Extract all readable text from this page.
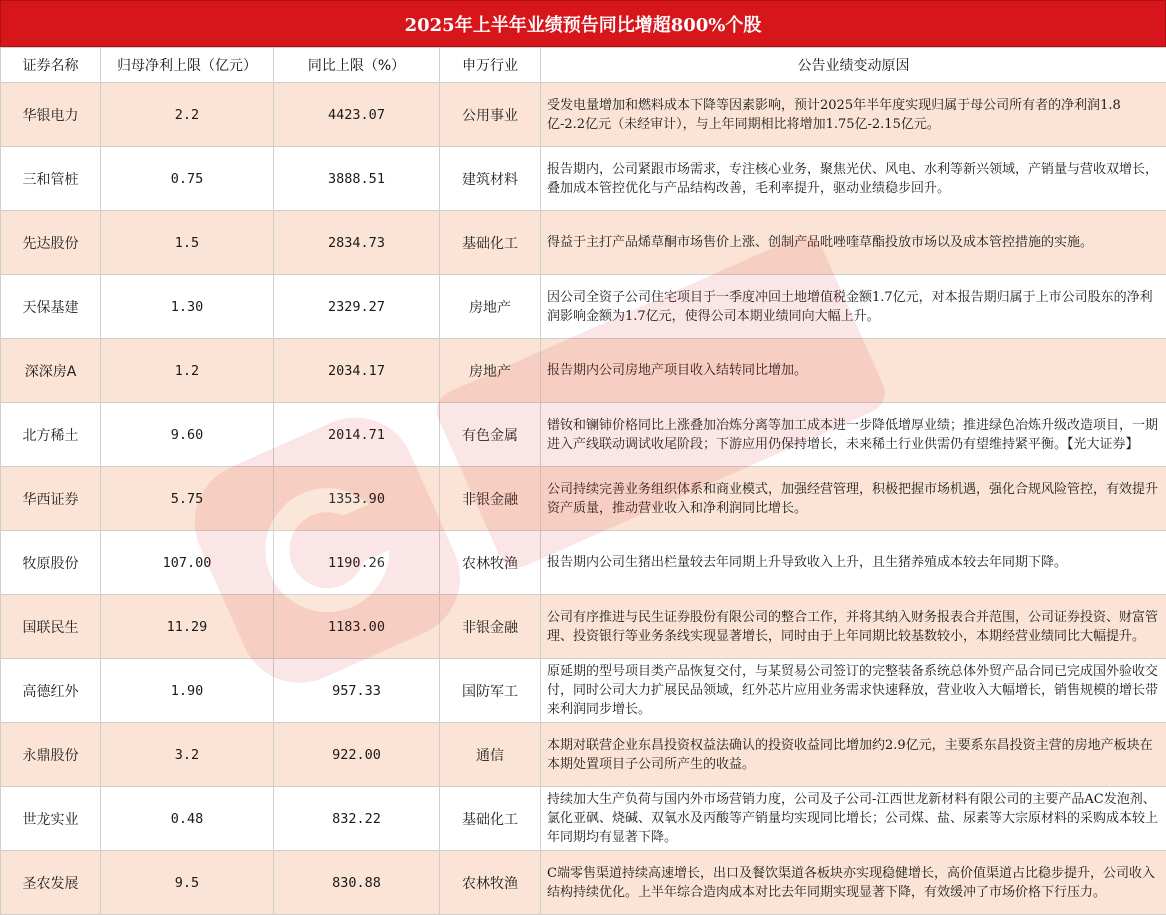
2025年上半年业绩预告同比增超800%个股
证券名称	归母净利上限（亿元）	同比上限（%）	申万行业	公告业绩变动原因
华银电力	2.2	4423.07	公用事业	受发电量增加和燃料成本下降等因素影响，预计2025年半年度实现归属于母公司所有者的净利润1.8亿-2.2亿元（未经审计），与上年同期相比将增加1.75亿-2.15亿元。
三和管桩	0.75	3888.51	建筑材料	报告期内，公司紧跟市场需求，专注核心业务，聚焦光伏、风电、水利等新兴领域，产销量与营收双增长，叠加成本管控优化与产品结构改善，毛利率提升，驱动业绩稳步回升。
先达股份	1.5	2834.73	基础化工	得益于主打产品烯草酮市场售价上涨、创制产品吡唑喹草酯投放市场以及成本管控措施的实施。
天保基建	1.30	2329.27	房地产	因公司全资子公司住宅项目于一季度冲回土地增值税金额1.7亿元，对本报告期归属于上市公司股东的净利润影响金额为1.7亿元，使得公司本期业绩同向大幅上升。
深深房A	1.2	2034.17	房地产	报告期内公司房地产项目收入结转同比增加。
北方稀土	9.60	2014.71	有色金属	镨钕和镧铈价格同比上涨叠加冶炼分离等加工成本进一步降低增厚业绩；推进绿色冶炼升级改造项目，一期进入产线联动调试收尾阶段；下游应用仍保持增长，未来稀土行业供需仍有望维持紧平衡。【光大证券】
华西证券	5.75	1353.90	非银金融	公司持续完善业务组织体系和商业模式，加强经营管理，积极把握市场机遇，强化合规风险管控，有效提升资产质量，推动营业收入和净利润同比增长。
牧原股份	107.00	1190.26	农林牧渔	报告期内公司生猪出栏量较去年同期上升导致收入上升，且生猪养殖成本较去年同期下降。
国联民生	11.29	1183.00	非银金融	公司有序推进与民生证券股份有限公司的整合工作，并将其纳入财务报表合并范围，公司证券投资、财富管理、投资银行等业务条线实现显著增长，同时由于上年同期比较基数较小，本期经营业绩同比大幅提升。
高德红外	1.90	957.33	国防军工	原延期的型号项目类产品恢复交付，与某贸易公司签订的完整装备系统总体外贸产品合同已完成国外验收交付，同时公司大力扩展民品领域，红外芯片应用业务需求快速释放，营业收入大幅增长，销售规模的增长带来利润同步增长。
永鼎股份	3.2	922.00	通信	本期对联营企业东昌投资权益法确认的投资收益同比增加约2.9亿元，主要系东昌投资主营的房地产板块在本期处置项目子公司所产生的收益。
世龙实业	0.48	832.22	基础化工	持续加大生产负荷与国内外市场营销力度，公司及子公司-江西世龙新材料有限公司的主要产品AC发泡剂、氯化亚砜、烧碱、双氧水及丙酸等产销量均实现同比增长；公司煤、盐、尿素等大宗原材料的采购成本较上年同期均有显著下降。
圣农发展	9.5	830.88	农林牧渔	C端零售渠道持续高速增长，出口及餐饮渠道各板块亦实现稳健增长，高价值渠道占比稳步提升，公司收入结构持续优化。上半年综合造肉成本对比去年同期实现显著下降，有效缓冲了市场价格下行压力。
